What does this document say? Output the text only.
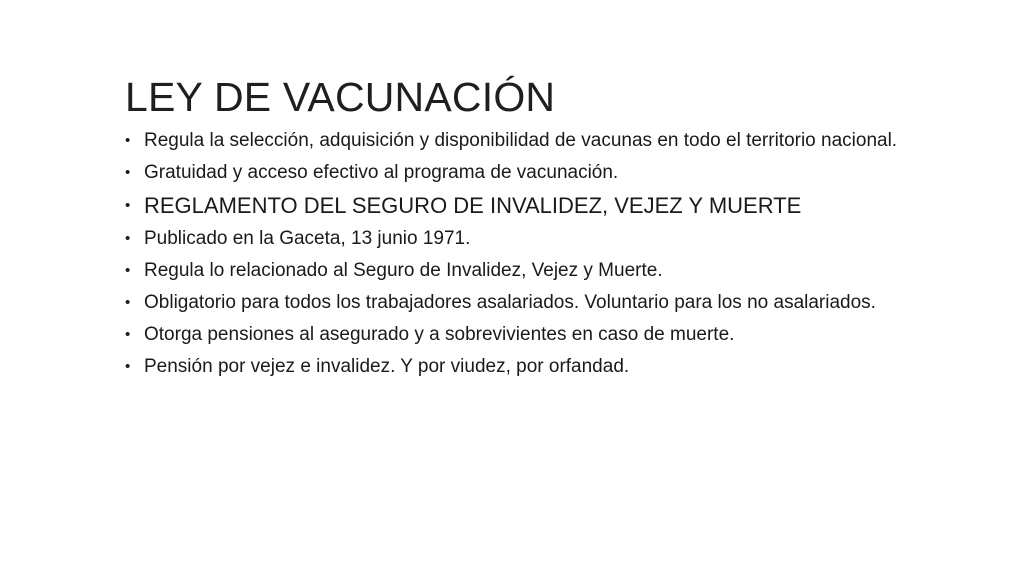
LEY DE VACUNACIÓN
• Regula la selección, adquisición y disponibilidad de vacunas en todo el territorio nacional.
• Gratuidad y acceso efectivo al programa de vacunación.
• REGLAMENTO DEL SEGURO DE INVALIDEZ, VEJEZ Y MUERTE
• Publicado en la Gaceta, 13 junio 1971.
• Regula lo relacionado al Seguro de Invalidez, Vejez y Muerte.
• Obligatorio para todos los trabajadores asalariados. Voluntario para los no asalariados.
• Otorga pensiones al asegurado y a sobrevivientes en caso de muerte.
• Pensión por vejez e invalidez. Y por viudez, por orfandad.
